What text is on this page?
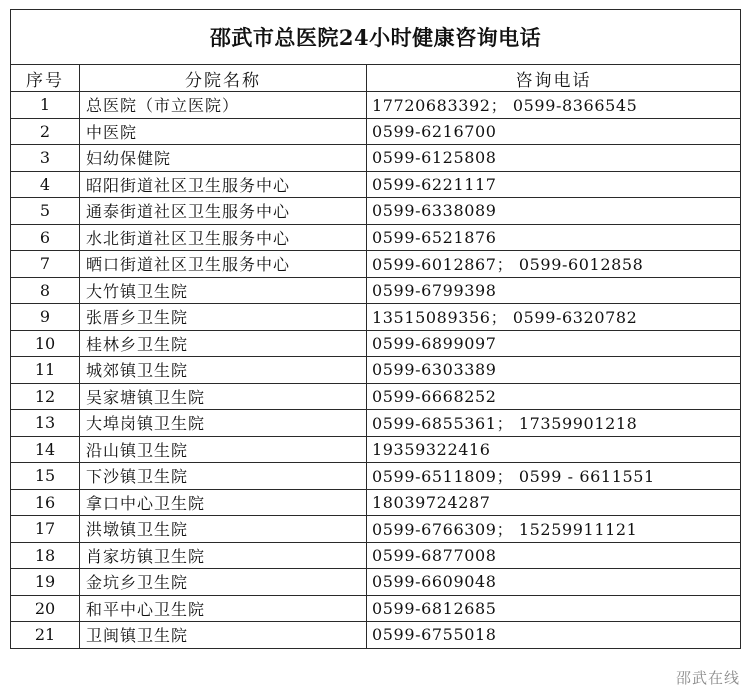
邵武市总医院24小时健康咨询电话		
序号	分院名称	咨询电话
1	总医院（市立医院）	17720683392； 0599-8366545
2	中医院	0599-6216700
3	妇幼保健院	0599-6125808
4	昭阳街道社区卫生服务中心	0599-6221117
5	通泰街道社区卫生服务中心	0599-6338089
6	水北街道社区卫生服务中心	0599-6521876
7	晒口街道社区卫生服务中心	0599-6012867； 0599-6012858
8	大竹镇卫生院	0599-6799398
9	张厝乡卫生院	13515089356； 0599-6320782
10	桂林乡卫生院	0599-6899097
11	城郊镇卫生院	0599-6303389
12	吴家塘镇卫生院	0599-6668252
13	大埠岗镇卫生院	0599-6855361； 17359901218
14	沿山镇卫生院	19359322416
15	下沙镇卫生院	0599-6511809； 0599 - 6611551
16	拿口中心卫生院	18039724287
17	洪墩镇卫生院	0599-6766309； 15259911121
18	肖家坊镇卫生院	0599-6877008
19	金坑乡卫生院	0599-6609048
20	和平中心卫生院	0599-6812685
21	卫闽镇卫生院	0599-6755018
邵武在线
